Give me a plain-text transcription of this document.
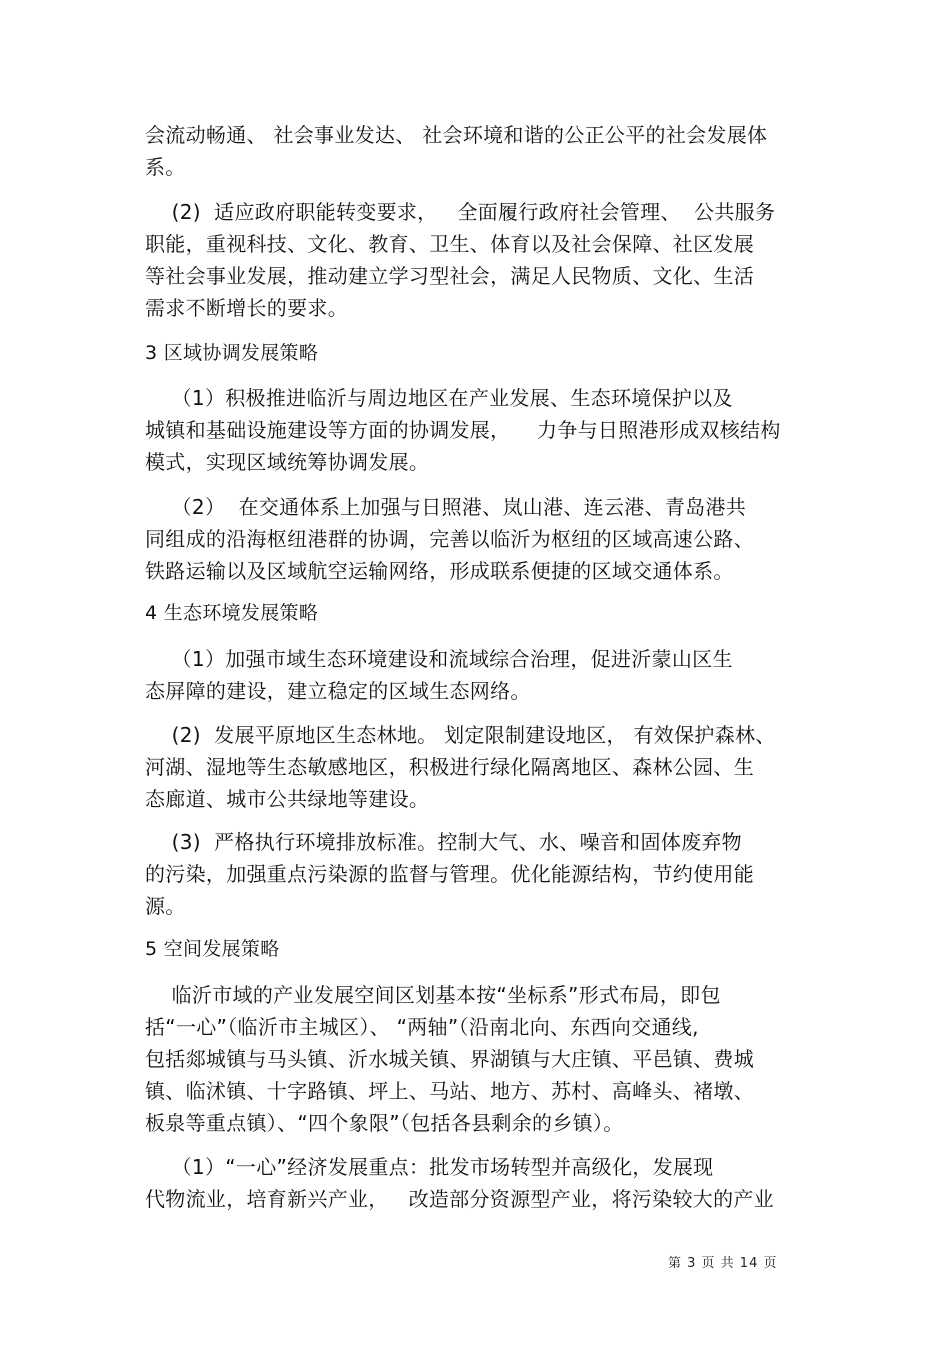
会流动畅通、 社会事业发达、 社会环境和谐的公正公平的社会发展体
系。
(2)  适应政府职能转变要求，   全面履行政府社会管理、  公共服务
职能，重视科技、文化、教育、卫生、体育以及社会保障、社区发展
等社会事业发展，推动建立学习型社会，满足人民物质、文化、生活
需求不断增长的要求。
3 区域协调发展策略
（1）积极推进临沂与周边地区在产业发展、生态环境保护以及
城镇和基础设施建设等方面的协调发展，    力争与日照港形成双核结构
模式，实现区域统筹协调发展。
（2）  在交通体系上加强与日照港、岚山港、连云港、青岛港共
同组成的沿海枢纽港群的协调，完善以临沂为枢纽的区域高速公路、
铁路运输以及区域航空运输网络，形成联系便捷的区域交通体系。
4 生态环境发展策略
（1）加强市域生态环境建设和流域综合治理，促进沂蒙山区生
态屏障的建设，建立稳定的区域生态网络。
(2)  发展平原地区生态林地。 划定限制建设地区， 有效保护森林、
河湖、湿地等生态敏感地区，积极进行绿化隔离地区、森林公园、生
态廊道、城市公共绿地等建设。
(3)  严格执行环境排放标准。控制大气、水、噪音和固体废弃物
的污染，加强重点污染源的监督与管理。优化能源结构，节约使用能
源。
5 空间发展策略
临沂市域的产业发展空间区划基本按“坐标系”形式布局，即包
括“一心”（临沂市主城区）、 “两轴”（沿南北向、东西向交通线,
包括郯城镇与马头镇、沂水城关镇、界湖镇与大庄镇、平邑镇、费城
镇、临沭镇、十字路镇、坪上、马站、地方、苏村、高峰头、褚墩、
板泉等重点镇）、“四个象限”（包括各县剩余的乡镇）。
（1）“一心”经济发展重点：批发市场转型并高级化，发展现
代物流业，培育新兴产业，   改造部分资源型产业，将污染较大的产业
第 3 页 共 14 页
